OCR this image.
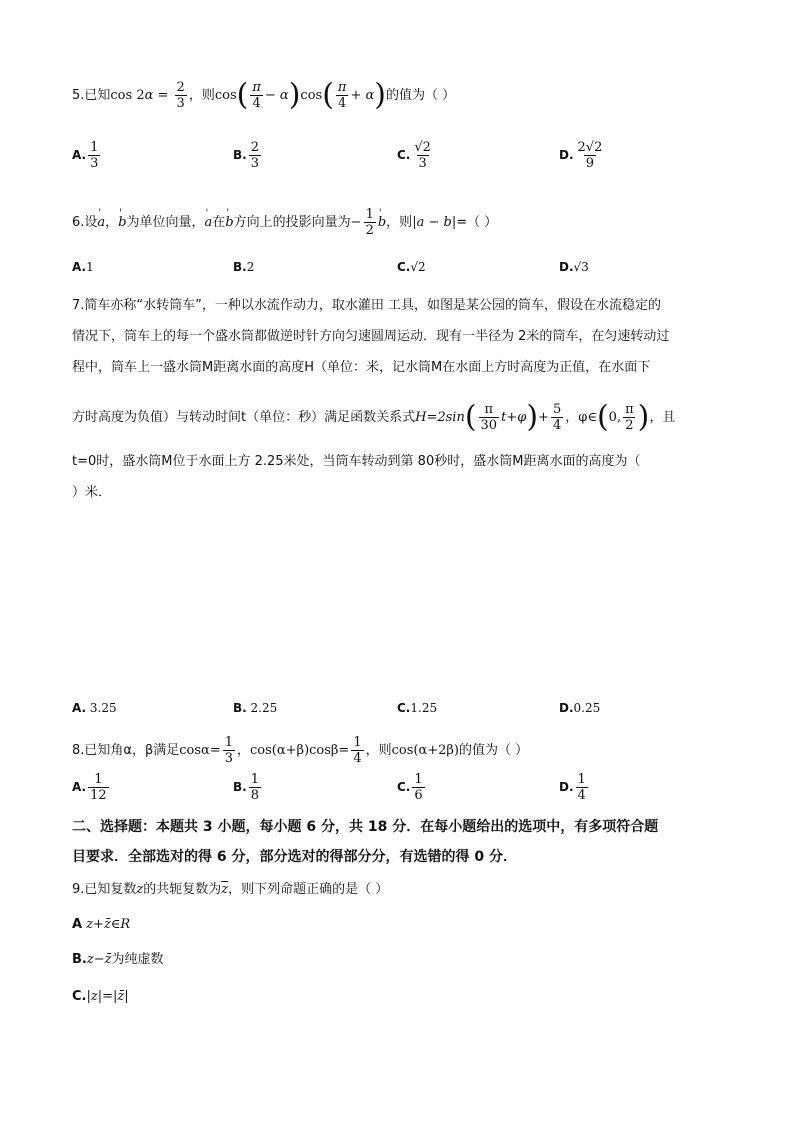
5.已知$\cos 2\alpha = \frac{2}{3}$ ，则$\cos( \frac{\pi}{4} - \alpha)\cos( \frac{\pi}{4} + \alpha)$的值为（ ）
A. $\frac{1}{3}$	B. $\frac{2}{3}$	C. $\frac{√2}{3}$	D. $\frac{2√2}{9}$
6.设' a，' b为单位向量，' a在' b方向上的投影向量为− $\frac{1}{2}$ ' b，则|a − b|=（ ）
A.1	B.2	C.√2	D.√3
7.简车亦称“水转筒车”，一种以水流作动力，取水灌田 工具，如图是某公园的筒车，假设在水流稳定的
情况下，筒车上的每一个盛水筒都做逆时针方向匀速圆周运动．现有一半径为 2米的筒车，在匀速转动过
程中，筒车上一盛水筒M距离水面的高度H（单位：米，记水筒M在水面上方时高度为正值，在水面下
方时高度为负值）与转动时间t（单位：秒）满足函数关系式$H=2\sin( \frac{\pi}{30} t+\varphi)+ \frac{5}{4}$ ，φ∈(0, $\frac{\pi}{2}$ )，且
t=0时，盛水筒M位于水面上方 2.25米处，当筒车转动到第 80秒时，盛水筒M距离水面的高度为（
）米．
A. 3.25	B. 2.25	C.1.25	D.0.25
8.已知角α，β满足$\cos\alpha= \frac{1}{3}$ ，$\cos(\alpha+\beta)\cos\beta= \frac{1}{4}$ ，则cos(α+2β)的值为（ ）
A. $\frac{1}{12}$	B. $\frac{1}{8}$	C. $\frac{1}{6}$	D. $\frac{1}{4}$
二、选择题：本题共 3 小题，每小题 6 分，共 18 分．在每小题给出的选项中，有多项符合题
目要求．全部选对的得 6 分，部分选对的得部分分，有选错的得 0 分．
9.已知复数z的共轭复数为$\overline{z}$，则下列命题正确的是（ ）
A z+z̄∈R
B.z−z̄为纯虚数
C.|z|=|z̄|
